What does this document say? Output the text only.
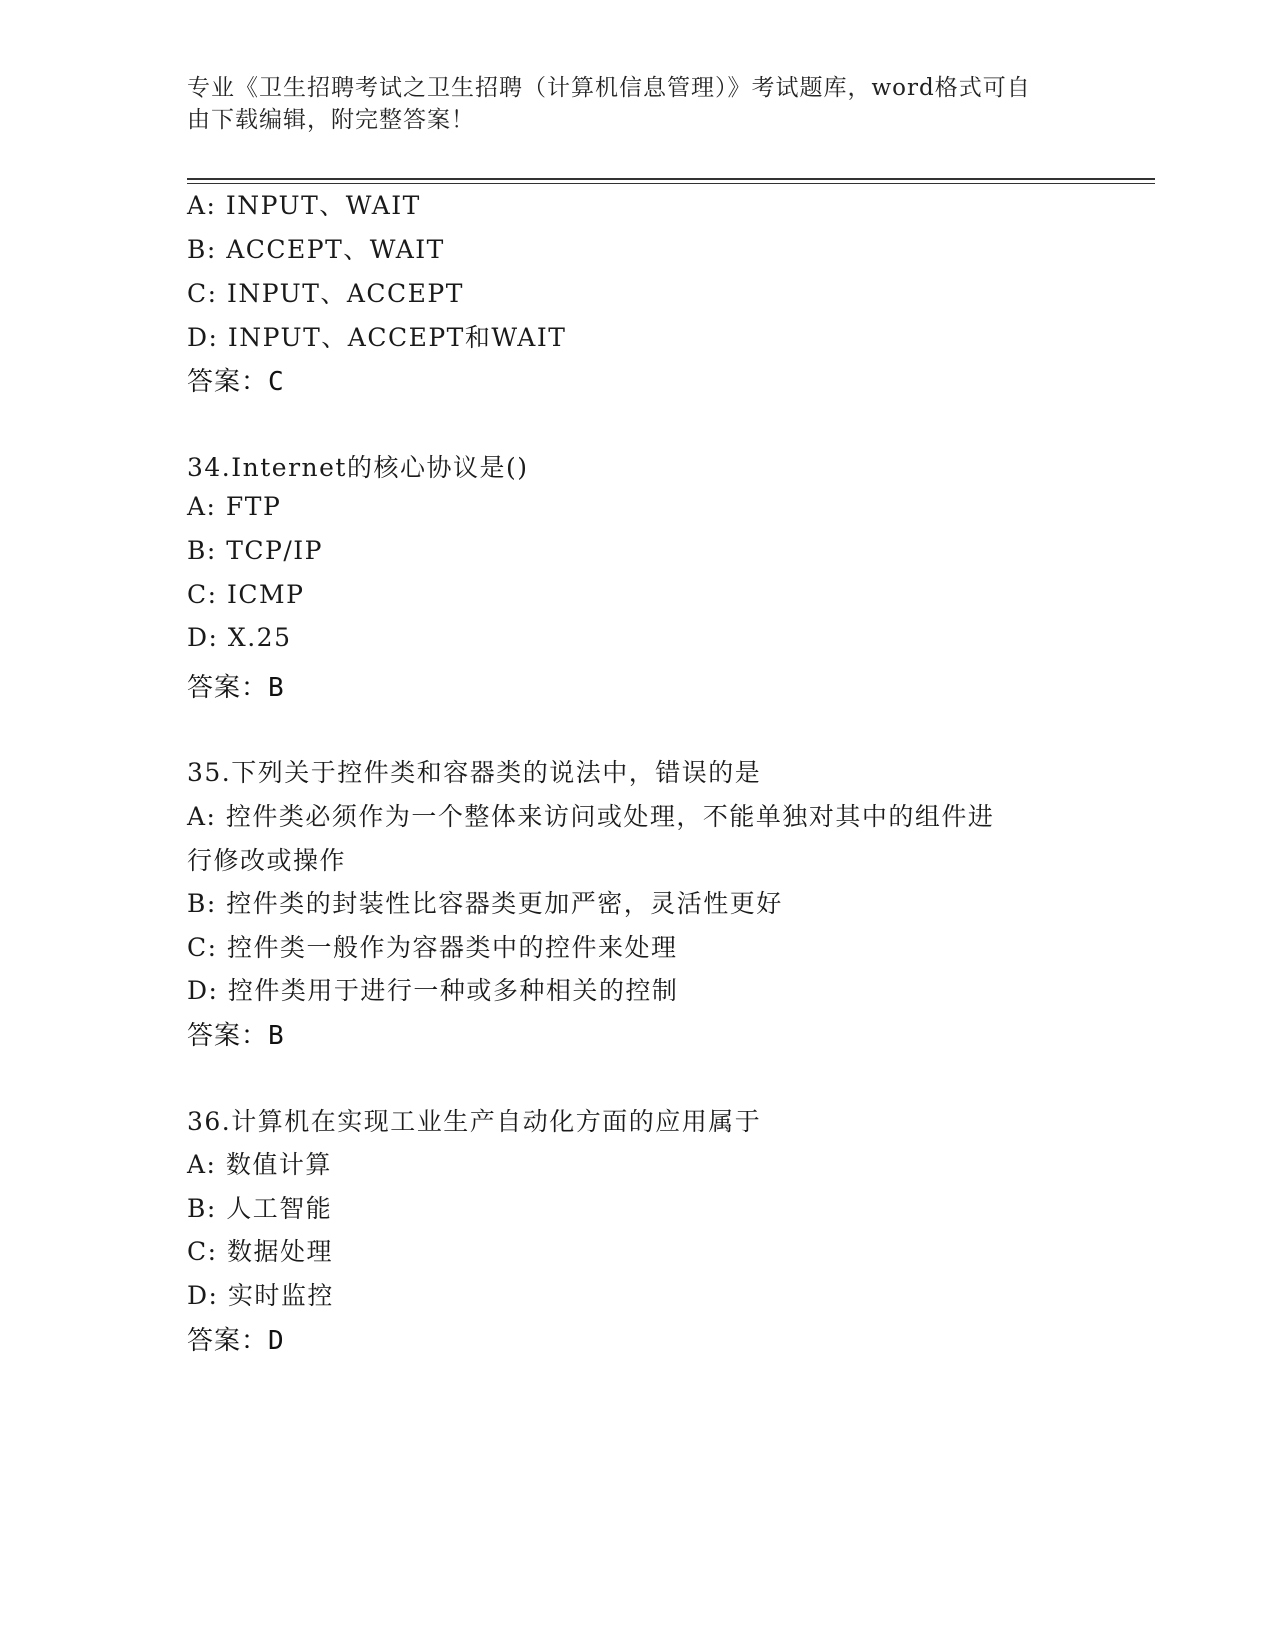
专业《卫生招聘考试之卫生招聘（计算机信息管理）》考试题库，word格式可自
由下载编辑，附完整答案！
A: INPUT、WAIT
B: ACCEPT、WAIT
C: INPUT、ACCEPT
D: INPUT、ACCEPT和WAIT
答案：C
34.Internet的核心协议是()
A: FTP
B: TCP/IP
C: ICMP
D: X.25
答案：B
35.下列关于控件类和容器类的说法中，错误的是
A: 控件类必须作为一个整体来访问或处理，不能单独对其中的组件进
行修改或操作
B: 控件类的封装性比容器类更加严密，灵活性更好
C: 控件类一般作为容器类中的控件来处理
D: 控件类用于进行一种或多种相关的控制
答案：B
36.计算机在实现工业生产自动化方面的应用属于
A: 数值计算
B: 人工智能
C: 数据处理
D: 实时监控
答案：D
